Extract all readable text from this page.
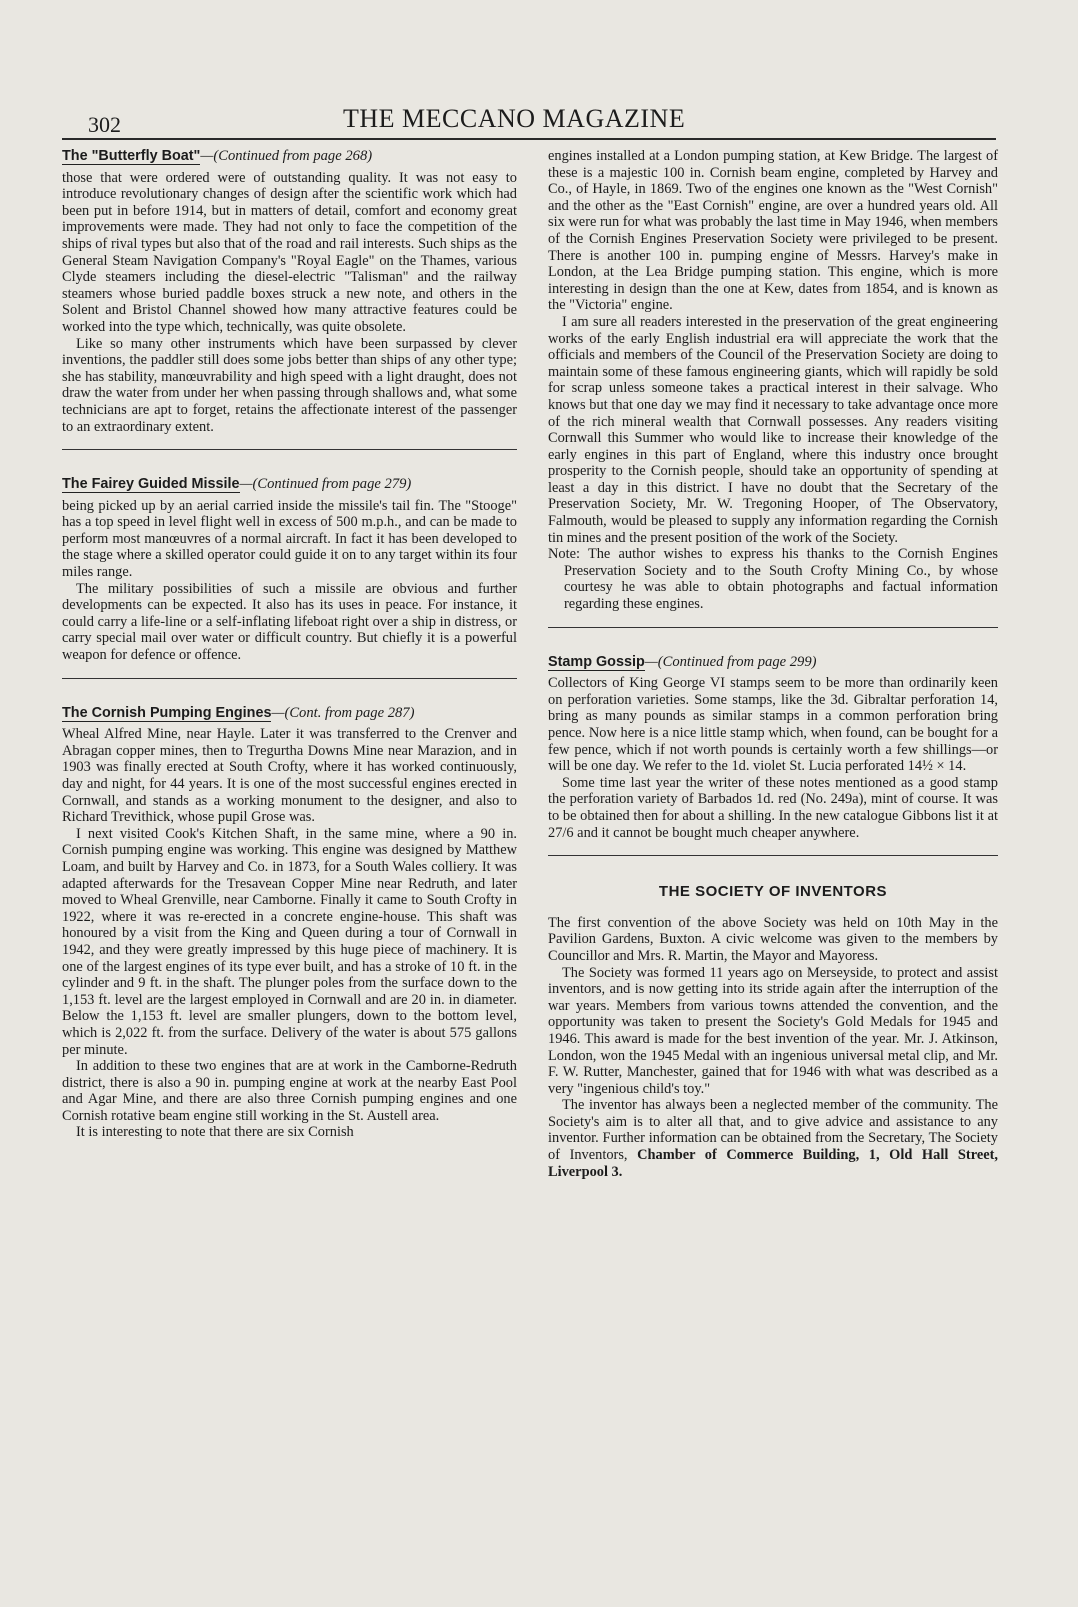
302	THE MECCANO MAGAZINE
The "Butterfly Boat"—(Continued from page 268)

those that were ordered were of outstanding quality. It was not easy to introduce revolutionary changes of design after the scientific work which had been put in before 1914, but in matters of detail, comfort and economy great improvements were made. They had not only to face the competition of the ships of rival types but also that of the road and rail interests. Such ships as the General Steam Navigation Company's "Royal Eagle" on the Thames, various Clyde steamers including the diesel-electric "Talisman" and the railway steamers whose buried paddle boxes struck a new note, and others in the Solent and Bristol Channel showed how many attractive features could be worked into the type which, technically, was quite obsolete.

Like so many other instruments which have been surpassed by clever inventions, the paddler still does some jobs better than ships of any other type; she has stability, manœuvrability and high speed with a light draught, does not draw the water from under her when passing through shallows and, what some technicians are apt to forget, retains the affectionate interest of the passenger to an extraordinary extent.

The Fairey Guided Missile—(Continued from page 279)

being picked up by an aerial carried inside the missile's tail fin. The "Stooge" has a top speed in level flight well in excess of 500 m.p.h., and can be made to perform most manœuvres of a normal aircraft. In fact it has been developed to the stage where a skilled operator could guide it on to any target within its four miles range.

The military possibilities of such a missile are obvious and further developments can be expected. It also has its uses in peace. For instance, it could carry a life-line or a self-inflating lifeboat right over a ship in distress, or carry special mail over water or difficult country. But chiefly it is a powerful weapon for defence or offence.

The Cornish Pumping Engines—(Cont. from page 287)

Wheal Alfred Mine, near Hayle. Later it was transferred to the Crenver and Abragan copper mines, then to Tregurtha Downs Mine near Marazion, and in 1903 was finally erected at South Crofty, where it has worked continuously, day and night, for 44 years. It is one of the most successful engines erected in Cornwall, and stands as a working monument to the designer, and also to Richard Trevithick, whose pupil Grose was.

I next visited Cook's Kitchen Shaft, in the same mine, where a 90 in. Cornish pumping engine was working. This engine was designed by Matthew Loam, and built by Harvey and Co. in 1873, for a South Wales colliery. It was adapted afterwards for the Tresavean Copper Mine near Redruth, and later moved to Wheal Grenville, near Camborne. Finally it came to South Crofty in 1922, where it was re-erected in a concrete engine-house. This shaft was honoured by a visit from the King and Queen during a tour of Cornwall in 1942, and they were greatly impressed by this huge piece of machinery. It is one of the largest engines of its type ever built, and has a stroke of 10 ft. in the cylinder and 9 ft. in the shaft. The plunger poles from the surface down to the 1,153 ft. level are the largest employed in Cornwall and are 20 in. in diameter. Below the 1,153 ft. level are smaller plungers, down to the bottom level, which is 2,022 ft. from the surface. Delivery of the water is about 575 gallons per minute.

In addition to these two engines that are at work in the Camborne-Redruth district, there is also a 90 in. pumping engine at work at the nearby East Pool and Agar Mine, and there are also three Cornish pumping engines and one Cornish rotative beam engine still working in the St. Austell area.

It is interesting to note that there are six Cornish

engines installed at a London pumping station, at Kew Bridge. The largest of these is a majestic 100 in. Cornish beam engine, completed by Harvey and Co., of Hayle, in 1869. Two of the engines one known as the "West Cornish" and the other as the "East Cornish" engine, are over a hundred years old. All six were run for what was probably the last time in May 1946, when members of the Cornish Engines Preservation Society were privileged to be present. There is another 100 in. pumping engine of Messrs. Harvey's make in London, at the Lea Bridge pumping station. This engine, which is more interesting in design than the one at Kew, dates from 1854, and is known as the "Victoria" engine.

I am sure all readers interested in the preservation of the great engineering works of the early English industrial era will appreciate the work that the officials and members of the Council of the Preservation Society are doing to maintain some of these famous engineering giants, which will rapidly be sold for scrap unless someone takes a practical interest in their salvage. Who knows but that one day we may find it necessary to take advantage once more of the rich mineral wealth that Cornwall possesses. Any readers visiting Cornwall this Summer who would like to increase their knowledge of the early engines in this part of England, where this industry once brought prosperity to the Cornish people, should take an opportunity of spending at least a day in this district. I have no doubt that the Secretary of the Preservation Society, Mr. W. Tregoning Hooper, of The Observatory, Falmouth, would be pleased to supply any information regarding the Cornish tin mines and the present position of the work of the Society.

Note: The author wishes to express his thanks to the Cornish Engines Preservation Society and to the South Crofty Mining Co., by whose courtesy he was able to obtain photographs and factual information regarding these engines.

Stamp Gossip—(Continued from page 299)

Collectors of King George VI stamps seem to be more than ordinarily keen on perforation varieties. Some stamps, like the 3d. Gibraltar perforation 14, bring as many pounds as similar stamps in a common perforation bring pence. Now here is a nice little stamp which, when found, can be bought for a few pence, which if not worth pounds is certainly worth a few shillings—or will be one day. We refer to the 1d. violet St. Lucia perforated 14½ × 14.

Some time last year the writer of these notes mentioned as a good stamp the perforation variety of Barbados 1d. red (No. 249a), mint of course. It was to be obtained then for about a shilling. In the new catalogue Gibbons list it at 27/6 and it cannot be bought much cheaper anywhere.

THE SOCIETY OF INVENTORS

The first convention of the above Society was held on 10th May in the Pavilion Gardens, Buxton. A civic welcome was given to the members by Councillor and Mrs. R. Martin, the Mayor and Mayoress.

The Society was formed 11 years ago on Merseyside, to protect and assist inventors, and is now getting into its stride again after the interruption of the war years. Members from various towns attended the convention, and the opportunity was taken to present the Society's Gold Medals for 1945 and 1946. This award is made for the best invention of the year. Mr. J. Atkinson, London, won the 1945 Medal with an ingenious universal metal clip, and Mr. F. W. Rutter, Manchester, gained that for 1946 with what was described as a very "ingenious child's toy."

The inventor has always been a neglected member of the community. The Society's aim is to alter all that, and to give advice and assistance to any inventor. Further information can be obtained from the Secretary, The Society of Inventors, Chamber of Commerce Building, 1, Old Hall Street, Liverpool 3.
